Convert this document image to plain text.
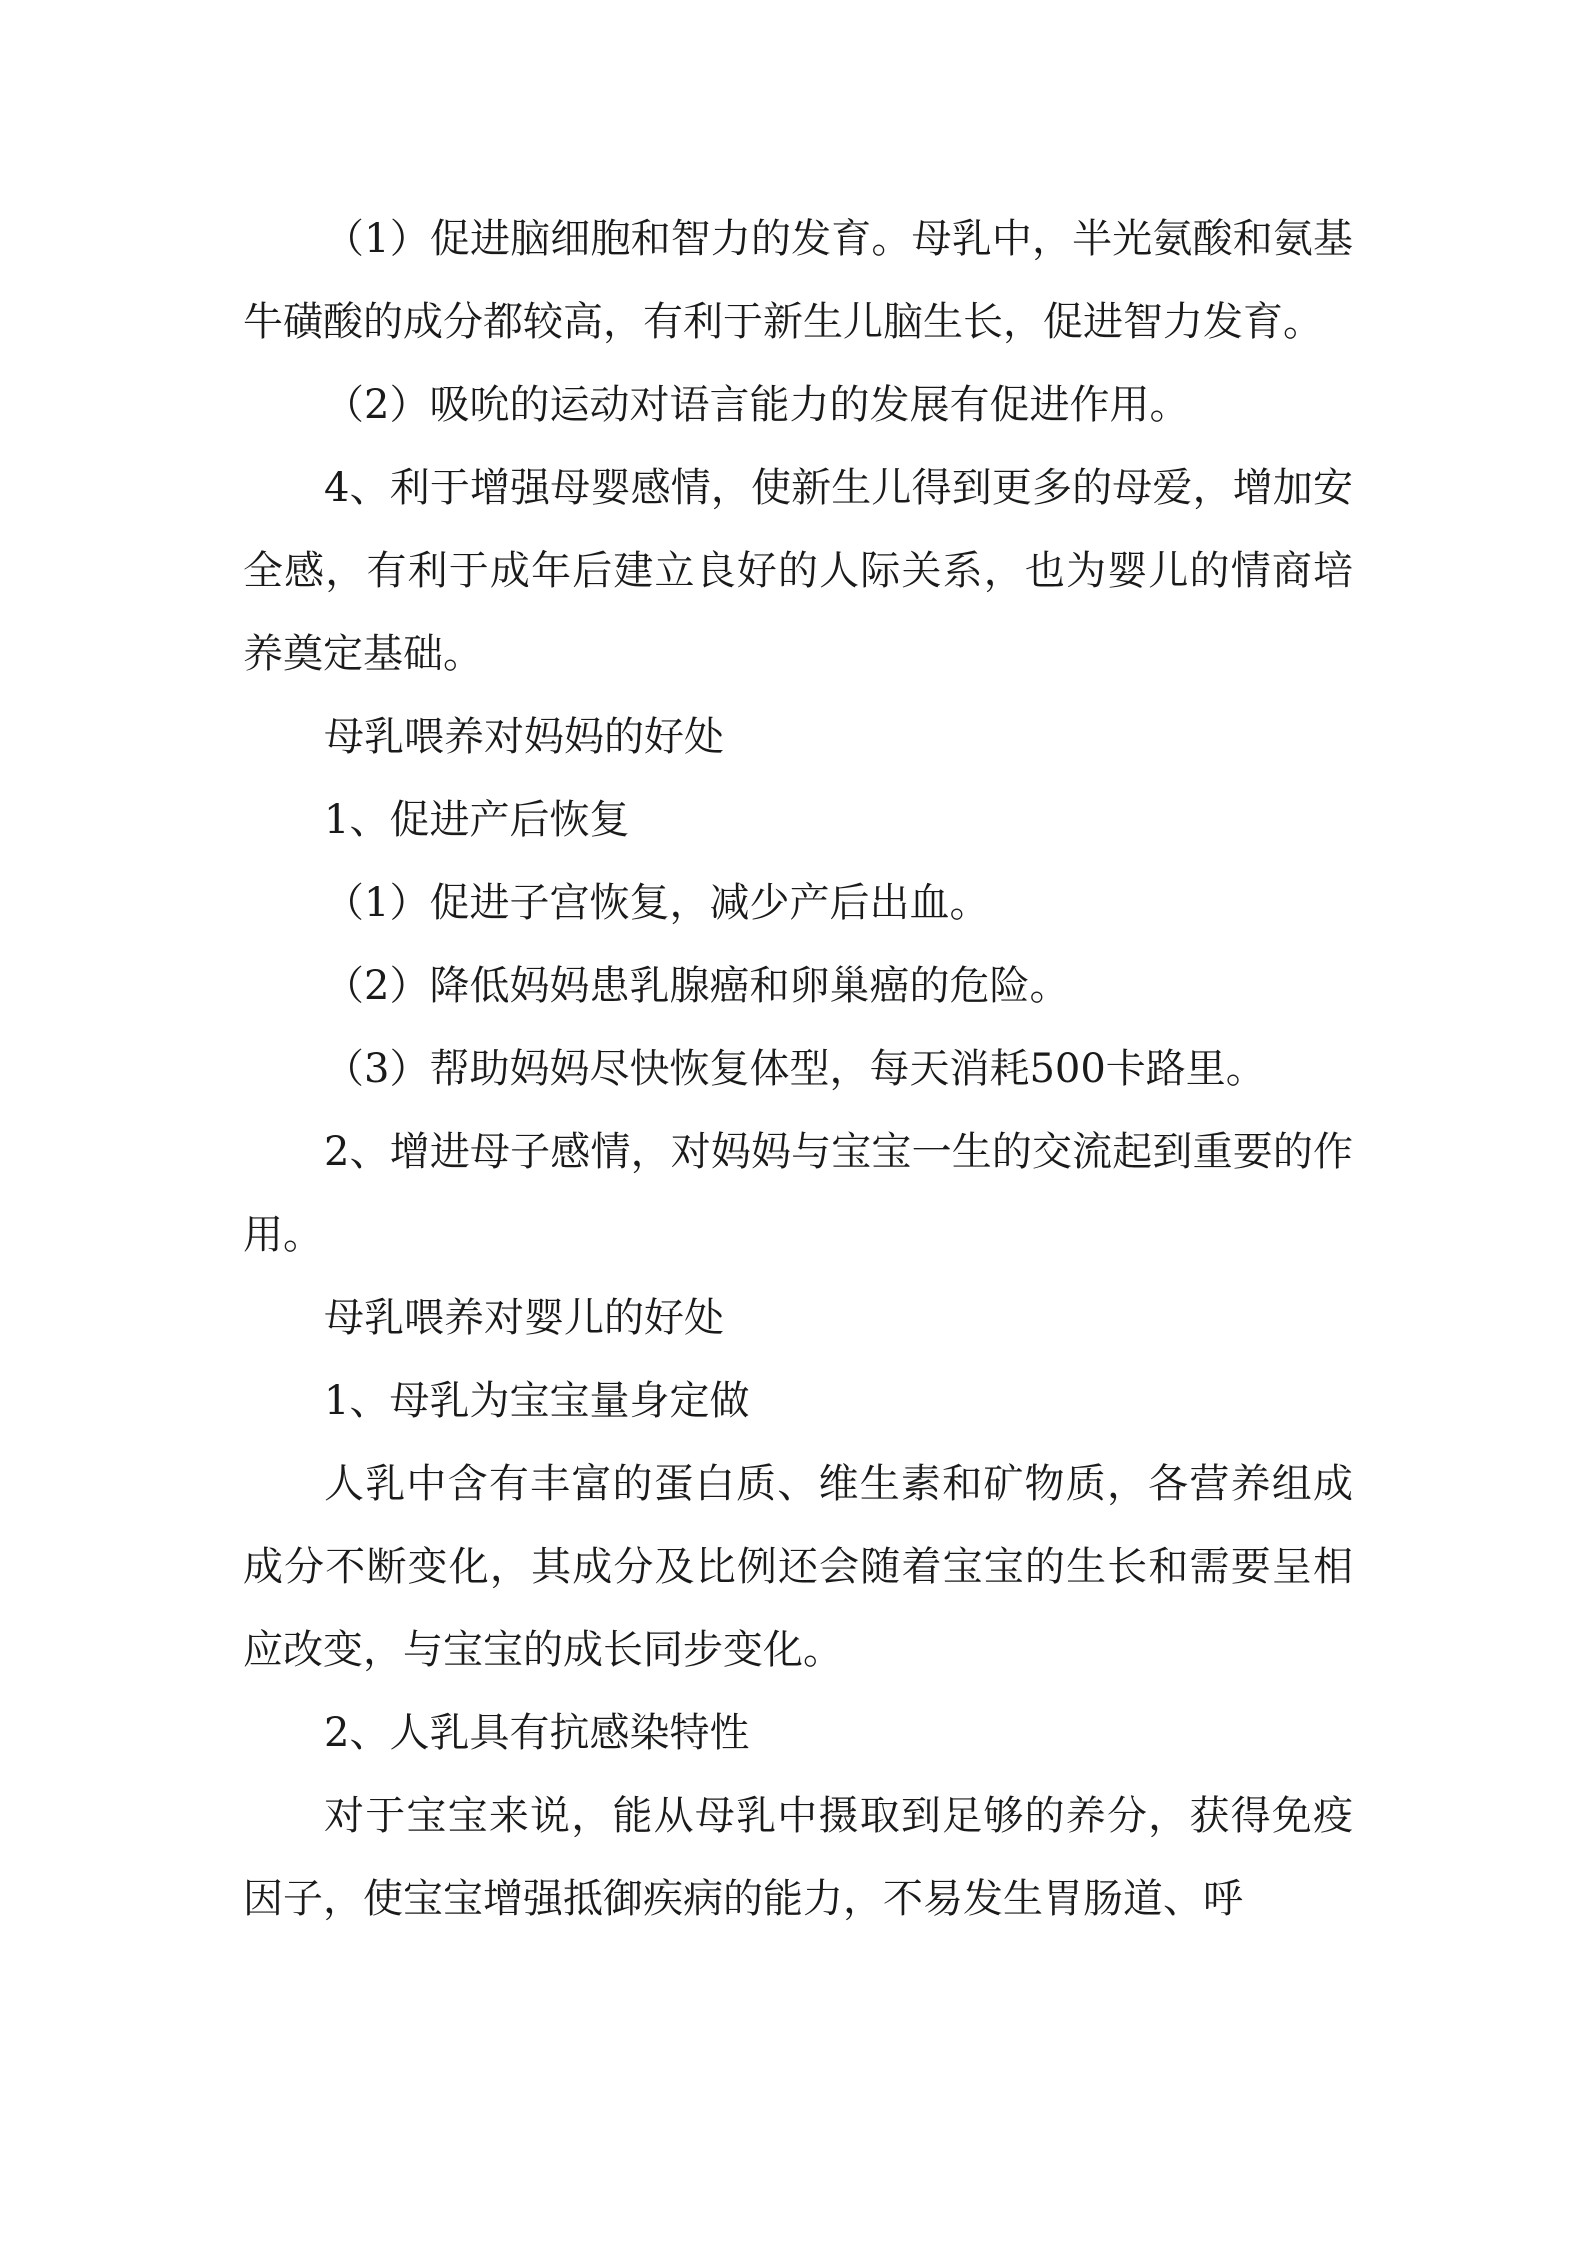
（1）促进脑细胞和智力的发育。母乳中，半光氨酸和氨基牛磺酸的成分都较高，有利于新生儿脑生长，促进智力发育。

（2）吸吮的运动对语言能力的发展有促进作用。

4、利于增强母婴感情，使新生儿得到更多的母爱，增加安全感，有利于成年后建立良好的人际关系，也为婴儿的情商培养奠定基础。

母乳喂养对妈妈的好处

1、促进产后恢复

（1）促进子宫恢复，减少产后出血。

（2）降低妈妈患乳腺癌和卵巢癌的危险。

（3）帮助妈妈尽快恢复体型，每天消耗500卡路里。

2、增进母子感情，对妈妈与宝宝一生的交流起到重要的作用。

母乳喂养对婴儿的好处

1、母乳为宝宝量身定做

人乳中含有丰富的蛋白质、维生素和矿物质，各营养组成成分不断变化，其成分及比例还会随着宝宝的生长和需要呈相应改变，与宝宝的成长同步变化。

2、人乳具有抗感染特性

对于宝宝来说，能从母乳中摄取到足够的养分，获得免疫因子，使宝宝增强抵御疾病的能力，不易发生胃肠道、呼
